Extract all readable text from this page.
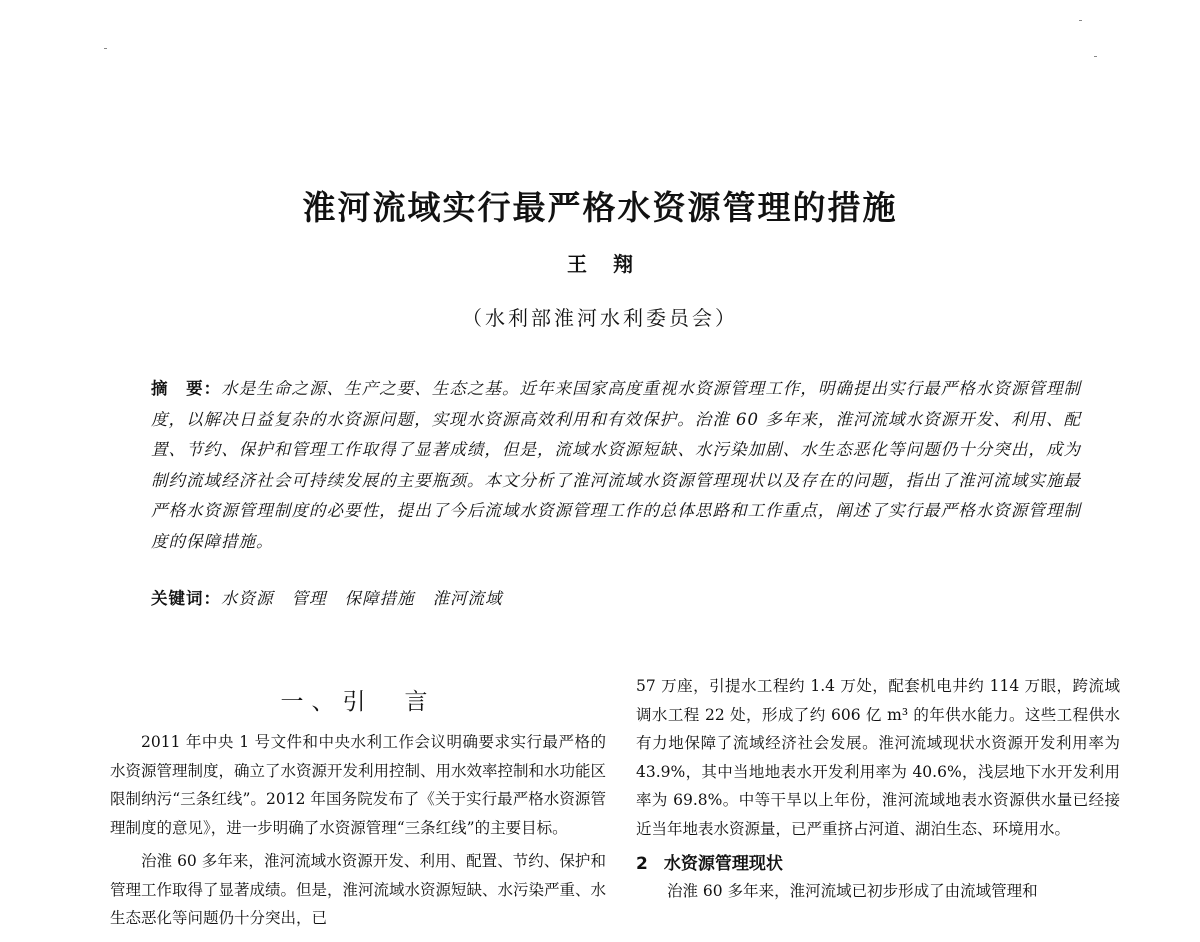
淮河流域实行最严格水资源管理的措施
王翔
（水利部淮河水利委员会）
摘　要：水是生命之源、生产之要、生态之基。近年来国家高度重视水资源管理工作，明确提出实行最严格水资源管理制度，以解决日益复杂的水资源问题，实现水资源高效利用和有效保护。治淮 60 多年来，淮河流域水资源开发、利用、配置、节约、保护和管理工作取得了显著成绩，但是，流域水资源短缺、水污染加剧、水生态恶化等问题仍十分突出，成为制约流域经济社会可持续发展的主要瓶颈。本文分析了淮河流域水资源管理现状以及存在的问题，指出了淮河流域实施最严格水资源管理制度的必要性，提出了今后流域水资源管理工作的总体思路和工作重点，阐述了实行最严格水资源管理制度的保障措施。
关键词：水资源 管理 保障措施 淮河流域
一、引　言

2011 年中央 1 号文件和中央水利工作会议明确要求实行最严格的水资源管理制度，确立了水资源开发利用控制、用水效率控制和水功能区限制纳污“三条红线”。2012 年国务院发布了《关于实行最严格水资源管理制度的意见》，进一步明确了水资源管理“三条红线”的主要目标。

治淮 60 多年来，淮河流域水资源开发、利用、配置、节约、保护和管理工作取得了显著成绩。但是，淮河流域水资源短缺、水污染严重、水生态恶化等问题仍十分突出，已

57 万座，引提水工程约 1.4 万处，配套机电井约 114 万眼，跨流域调水工程 22 处，形成了约 606 亿 m³ 的年供水能力。这些工程供水有力地保障了流域经济社会发展。淮河流域现状水资源开发利用率为 43.9%，其中当地地表水开发利用率为 40.6%，浅层地下水开发利用率为 69.8%。中等干旱以上年份，淮河流域地表水资源供水量已经接近当年地表水资源量，已严重挤占河道、湖泊生态、环境用水。

2 水资源管理现状

治淮 60 多年来，淮河流域已初步形成了由流域管理和
